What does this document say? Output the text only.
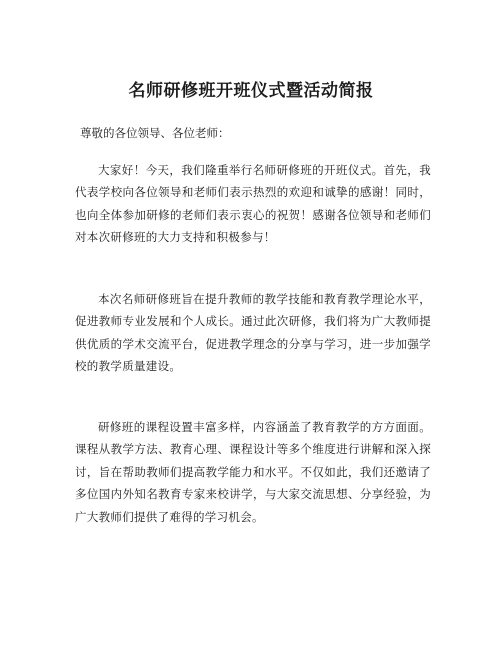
名师研修班开班仪式暨活动简报

尊敬的各位领导、各位老师：

大家好！今天，我们隆重举行名师研修班的开班仪式。首先，我代表学校向各位领导和老师们表示热烈的欢迎和诚挚的感谢！同时，也向全体参加研修的老师们表示衷心的祝贺！感谢各位领导和老师们对本次研修班的大力支持和积极参与！

本次名师研修班旨在提升教师的教学技能和教育教学理论水平，促进教师专业发展和个人成长。通过此次研修，我们将为广大教师提供优质的学术交流平台，促进教学理念的分享与学习，进一步加强学校的教学质量建设。

研修班的课程设置丰富多样，内容涵盖了教育教学的方方面面。课程从教学方法、教育心理、课程设计等多个维度进行讲解和深入探讨，旨在帮助教师们提高教学能力和水平。不仅如此，我们还邀请了多位国内外知名教育专家来校讲学，与大家交流思想、分享经验，为广大教师们提供了难得的学习机会。
